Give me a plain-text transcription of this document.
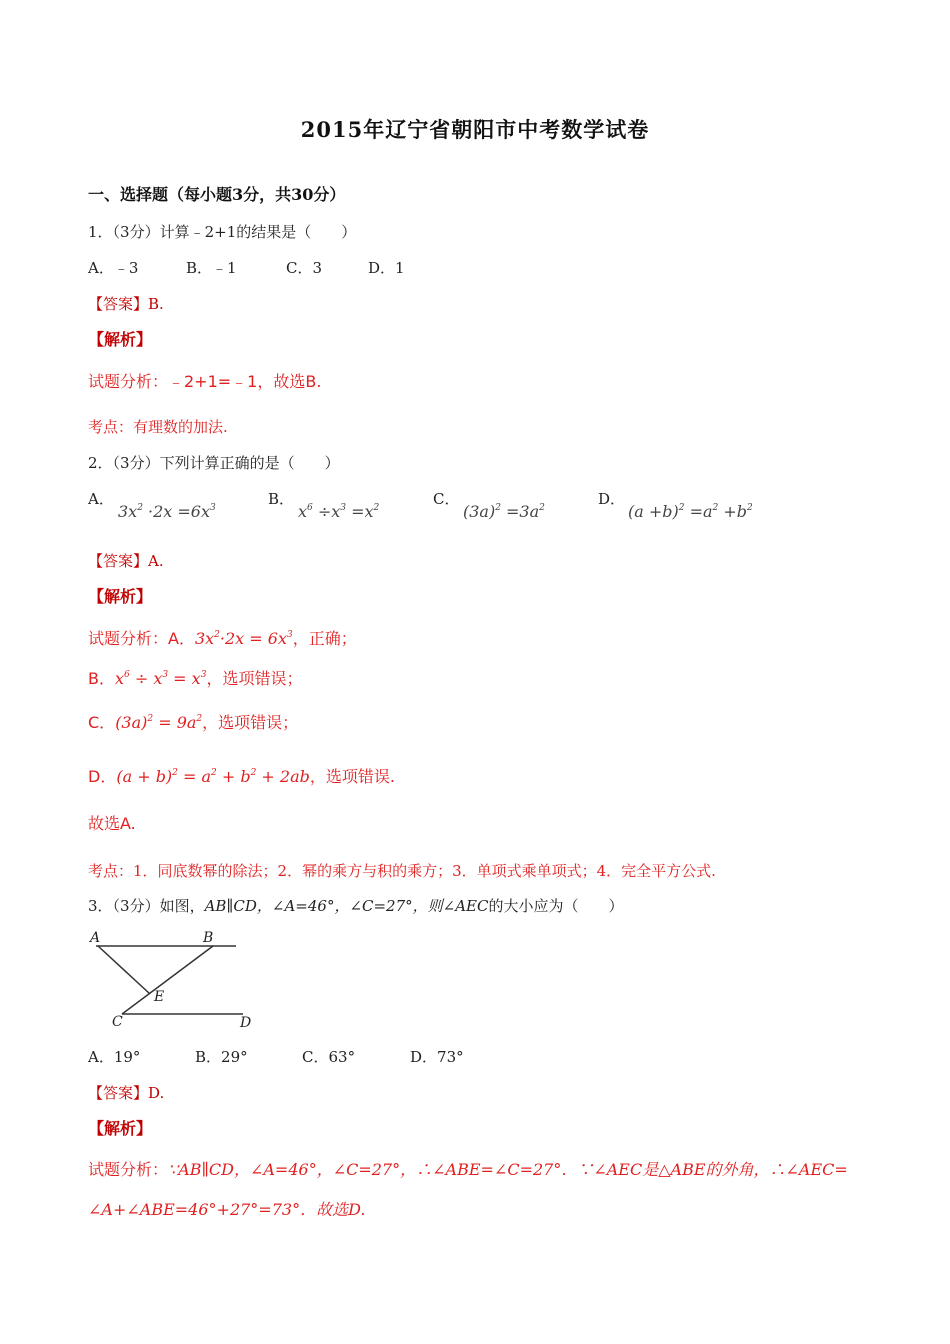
2015年辽宁省朝阳市中考数学试卷
一、选择题（每小题3分，共30分）
1．（3分）计算﹣2+1的结果是（　　）
A．﹣3	B．﹣1	C．3	D．1
【答案】B.
【解析】
试题分析：﹣2+1=﹣1，故选B.
考点：有理数的加法.
2．（3分）下列计算正确的是（　　）
A．
$3x^2 \cdot 2x =6x^3$	B．
$x^6 \div x^3 =x^2$	C．
$(3a)^2 =3a^2$	D．
$(a +b)^2 =a^2 +b^2$
【答案】A.
【解析】
试题分析：A．$3x^2\cdot 2x = 6x^3$，正确；
B．$x^6 \div x^3 = x^3$，选项错误；
C．$(3a)^2 = 9a^2$，选项错误；
D．$(a + b)^2 = a^2 + b^2 + 2ab$，选项错误.
故选A.
考点：1．同底数幂的除法；2．幂的乘方与积的乘方；3．单项式乘单项式；4．完全平方公式.
3．（3分）如图，AB∥CD，∠A=46°，∠C=27°，则∠AEC的大小应为（　　）
A	B
C	D
E
A．19°	B．29°	C．63°	D．73°
【答案】D.
【解析】
试题分析：∵AB∥CD，∠A=46°，∠C=27°，∴∠ABE=∠C=27°．∵∠AEC是△ABE的外角，∴∠AEC=
∠A+∠ABE=46°+27°=73°．故选D.
